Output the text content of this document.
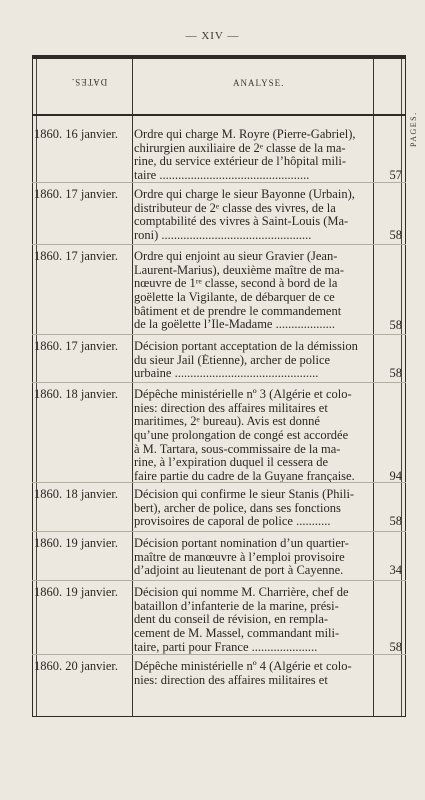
— XIV —
DATES.	ANALYSE.
PAGES.
1860. 16 janvier.	Ordre qui charge M. Royre (Pierre-Gabriel),
chirurgien auxiliaire de 2ᵉ classe de la ma-
rine, du service extérieur de l’hôpital mili-
taire ................................................	57
1860. 17 janvier.	Ordre qui charge le sieur Bayonne (Urbain),
distributeur de 2ᵉ classe des vivres, de la
comptabilité des vivres à Saint-Louis (Ma-
roni) ................................................	58
1860. 17 janvier.	Ordre qui enjoint au sieur Gravier (Jean-
Laurent-Marius), deuxième maître de ma-
nœuvre de 1ʳᵉ classe, second à bord de la
goëlette la Vigilante, de débarquer de ce
bâtiment et de prendre le commandement
de la goëlette l’Ile-Madame ...................	58
1860. 17 janvier.	Décision portant acceptation de la démission
du sieur Jail (Étienne), archer de police
urbaine ..............................................	58
1860. 18 janvier.	Dépêche ministérielle nº 3 (Algérie et colo-
nies: direction des affaires militaires et
maritimes, 2ᵉ bureau). Avis est donné
qu’une prolongation de congé est accordée
à M. Tartara, sous-commissaire de la ma-
rine, à l’expiration duquel il cessera de
faire partie du cadre de la Guyane française.	94
1860. 18 janvier.	Décision qui confirme le sieur Stanis (Phili-
bert), archer de police, dans ses fonctions
provisoires de caporal de police ...........	58
1860. 19 janvier.	Décision portant nomination d’un quartier-
maître de manœuvre à l’emploi provisoire
d’adjoint au lieutenant de port à Cayenne.	34
1860. 19 janvier.	Décision qui nomme M. Charrière, chef de
bataillon d’infanterie de la marine, prési-
dent du conseil de révision, en rempla-
cement de M. Massel, commandant mili-
taire, parti pour France .....................	58
1860. 20 janvier.	Dépêche ministérielle nº 4 (Algérie et colo-
nies: direction des affaires militaires et
